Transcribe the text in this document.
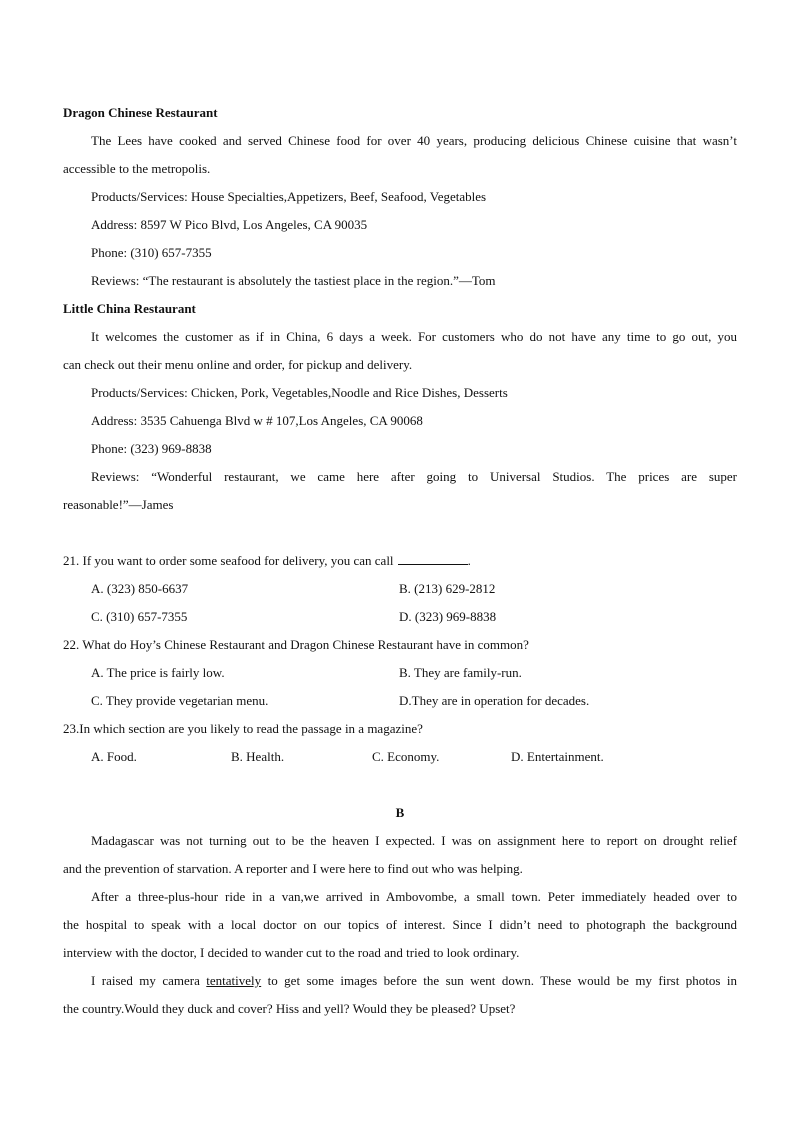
Dragon Chinese Restaurant
The Lees have cooked and served Chinese food for over 40 years, producing delicious Chinese cuisine that wasn’t
accessible to the metropolis.
Products/Services: House Specialties,Appetizers, Beef, Seafood, Vegetables
Address: 8597 W Pico Blvd, Los Angeles, CA 90035
Phone: (310) 657-7355
Reviews: “The restaurant is absolutely the tastiest place in the region.”—Tom
Little China Restaurant
It welcomes the customer as if in China, 6 days a week. For customers who do not have any time to go out, you
can check out their menu online and order, for pickup and delivery.
Products/Services: Chicken, Pork, Vegetables,Noodle and Rice Dishes, Desserts
Address: 3535 Cahuenga Blvd w # 107,Los Angeles, CA 90068
Phone: (323) 969-8838
Reviews: “Wonderful restaurant, we came here after going to Universal Studios. The prices are super
reasonable!”—James
21. If you want to order some seafood for delivery, you can call	.
A. (323) 850-6637	B. (213) 629-2812
C. (310) 657-7355	D. (323) 969-8838
22. What do Hoy’s Chinese Restaurant and Dragon Chinese Restaurant have in common?
A. The price is fairly low.	B. They are family-run.
C. They provide vegetarian menu.	D.They are in operation for decades.
23.In which section are you likely to read the passage in a magazine?
A. Food.	B. Health.	C. Economy.	D. Entertainment.
B
Madagascar was not turning out to be the heaven I expected. I was on assignment here to report on drought relief
and the prevention of starvation. A reporter and I were here to find out who was helping.
After a three-plus-hour ride in a van,we arrived in Ambovombe, a small town. Peter immediately headed over to
the hospital to speak with a local doctor on our topics of interest. Since I didn’t need to photograph the background
interview with the doctor, I decided to wander cut to the road and tried to look ordinary.
I raised my camera tentatively to get some images before the sun went down. These would be my first photos in
the country.Would they duck and cover? Hiss and yell? Would they be pleased? Upset?
